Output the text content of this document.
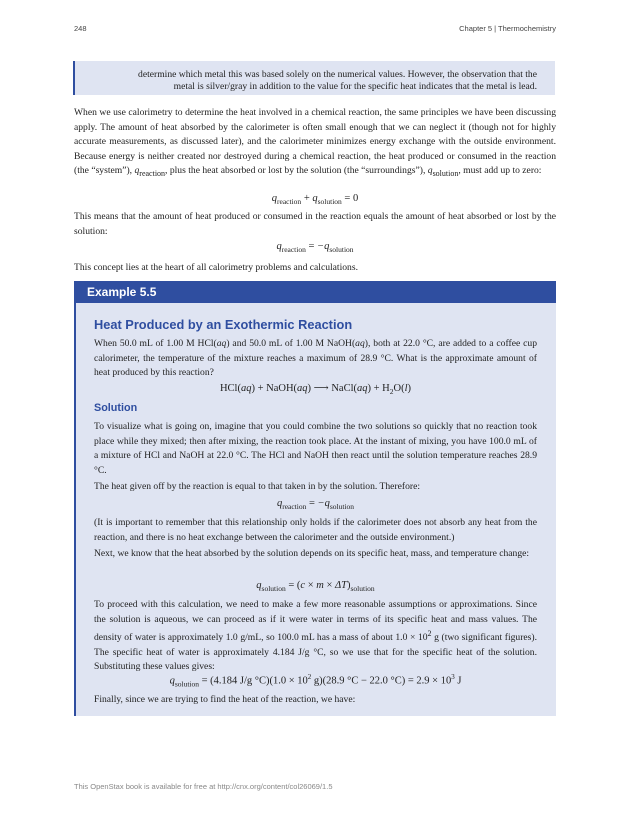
248	Chapter 5 | Thermochemistry
determine which metal this was based solely on the numerical values. However, the observation that the
metal is silver/gray in addition to the value for the specific heat indicates that the metal is lead.

When we use calorimetry to determine the heat involved in a chemical reaction, the same principles we have been discussing apply. The amount of heat absorbed by the calorimeter is often small enough that we can neglect it (though not for highly accurate measurements, as discussed later), and the calorimeter minimizes energy exchange with the outside environment. Because energy is neither created nor destroyed during a chemical reaction, the heat produced or consumed in the reaction (the “system”), $q_{reaction}$, plus the heat absorbed or lost by the solution (the “surroundings”), $q_{solution}$, must add up to zero:

$q_{reaction} + q_{solution} = 0$

This means that the amount of heat produced or consumed in the reaction equals the amount of heat absorbed or lost by the solution:

$q_{reaction} = -q_{solution}$

This concept lies at the heart of all calorimetry problems and calculations.

Example 5.5
Heat Produced by an Exothermic Reaction

When 50.0 mL of 1.00 M HCl(aq) and 50.0 mL of 1.00 M NaOH(aq), both at 22.0 °C, are added to a coffee cup calorimeter, the temperature of the mixture reaches a maximum of 28.9 °C. What is the approximate amount of heat produced by this reaction?

HCl(aq) + NaOH(aq) ⟶ NaCl(aq) + $H_2O(l)$
Solution

To visualize what is going on, imagine that you could combine the two solutions so quickly that no reaction took place while they mixed; then after mixing, the reaction took place. At the instant of mixing, you have 100.0 mL of a mixture of HCl and NaOH at 22.0 °C. The HCl and NaOH then react until the solution temperature reaches 28.9 °C.

The heat given off by the reaction is equal to that taken in by the solution. Therefore:

$q_{reaction} = -q_{solution}$

(It is important to remember that this relationship only holds if the calorimeter does not absorb any heat from the reaction, and there is no heat exchange between the calorimeter and the outside environment.)

Next, we know that the heat absorbed by the solution depends on its specific heat, mass, and temperature change:

$q_{solution} = (c \times m \times \Delta T)_{solution}$

To proceed with this calculation, we need to make a few more reasonable assumptions or approximations. Since the solution is aqueous, we can proceed as if it were water in terms of its specific heat and mass values. The density of water is approximately 1.0 g/mL, so 100.0 mL has a mass of about $1.0 \times 10^2$ g (two significant figures). The specific heat of water is approximately 4.184 J/g °C, so we use that for the specific heat of the solution. Substituting these values gives:

$q_{solution} = (4.184$ J/g $^\circ C)(1.0 \times 10^2$ g)(28.9 °C − 22.0 $^\circ C) = 2.9 \times 10^3$ J

Finally, since we are trying to find the heat of the reaction, we have:

This OpenStax book is available for free at http://cnx.org/content/col26069/1.5
